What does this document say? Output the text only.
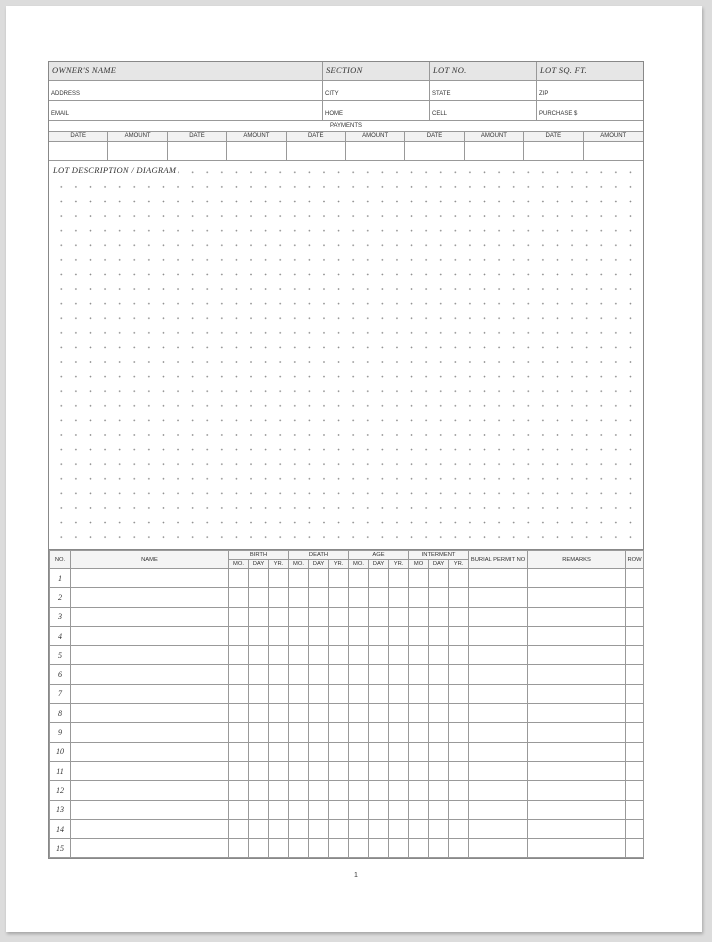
OWNER'S NAME	SECTION	LOT NO.	LOT SQ. FT.
ADDRESS	CITY	STATE	ZIP
EMAIL	HOME	CELL	PURCHASE $
PAYMENTS
DATE	AMOUNT	DATE	AMOUNT	DATE	AMOUNT	DATE	AMOUNT	DATE	AMOUNT
LOT DESCRIPTION / DIAGRAM
NO.	NAME	BIRTH			DEATH			AGE			INTERMENT			BURIAL PERMIT NO	REMARKS	ROW
		MO.	DAY	YR.	MO.	DAY	YR.	MO.	DAY	YR.	MO	DAY	YR.			
1																
2																
3																
4																
5																
6																
7																
8																
9																
10																
11																
12																
13																
14																
15																
1
